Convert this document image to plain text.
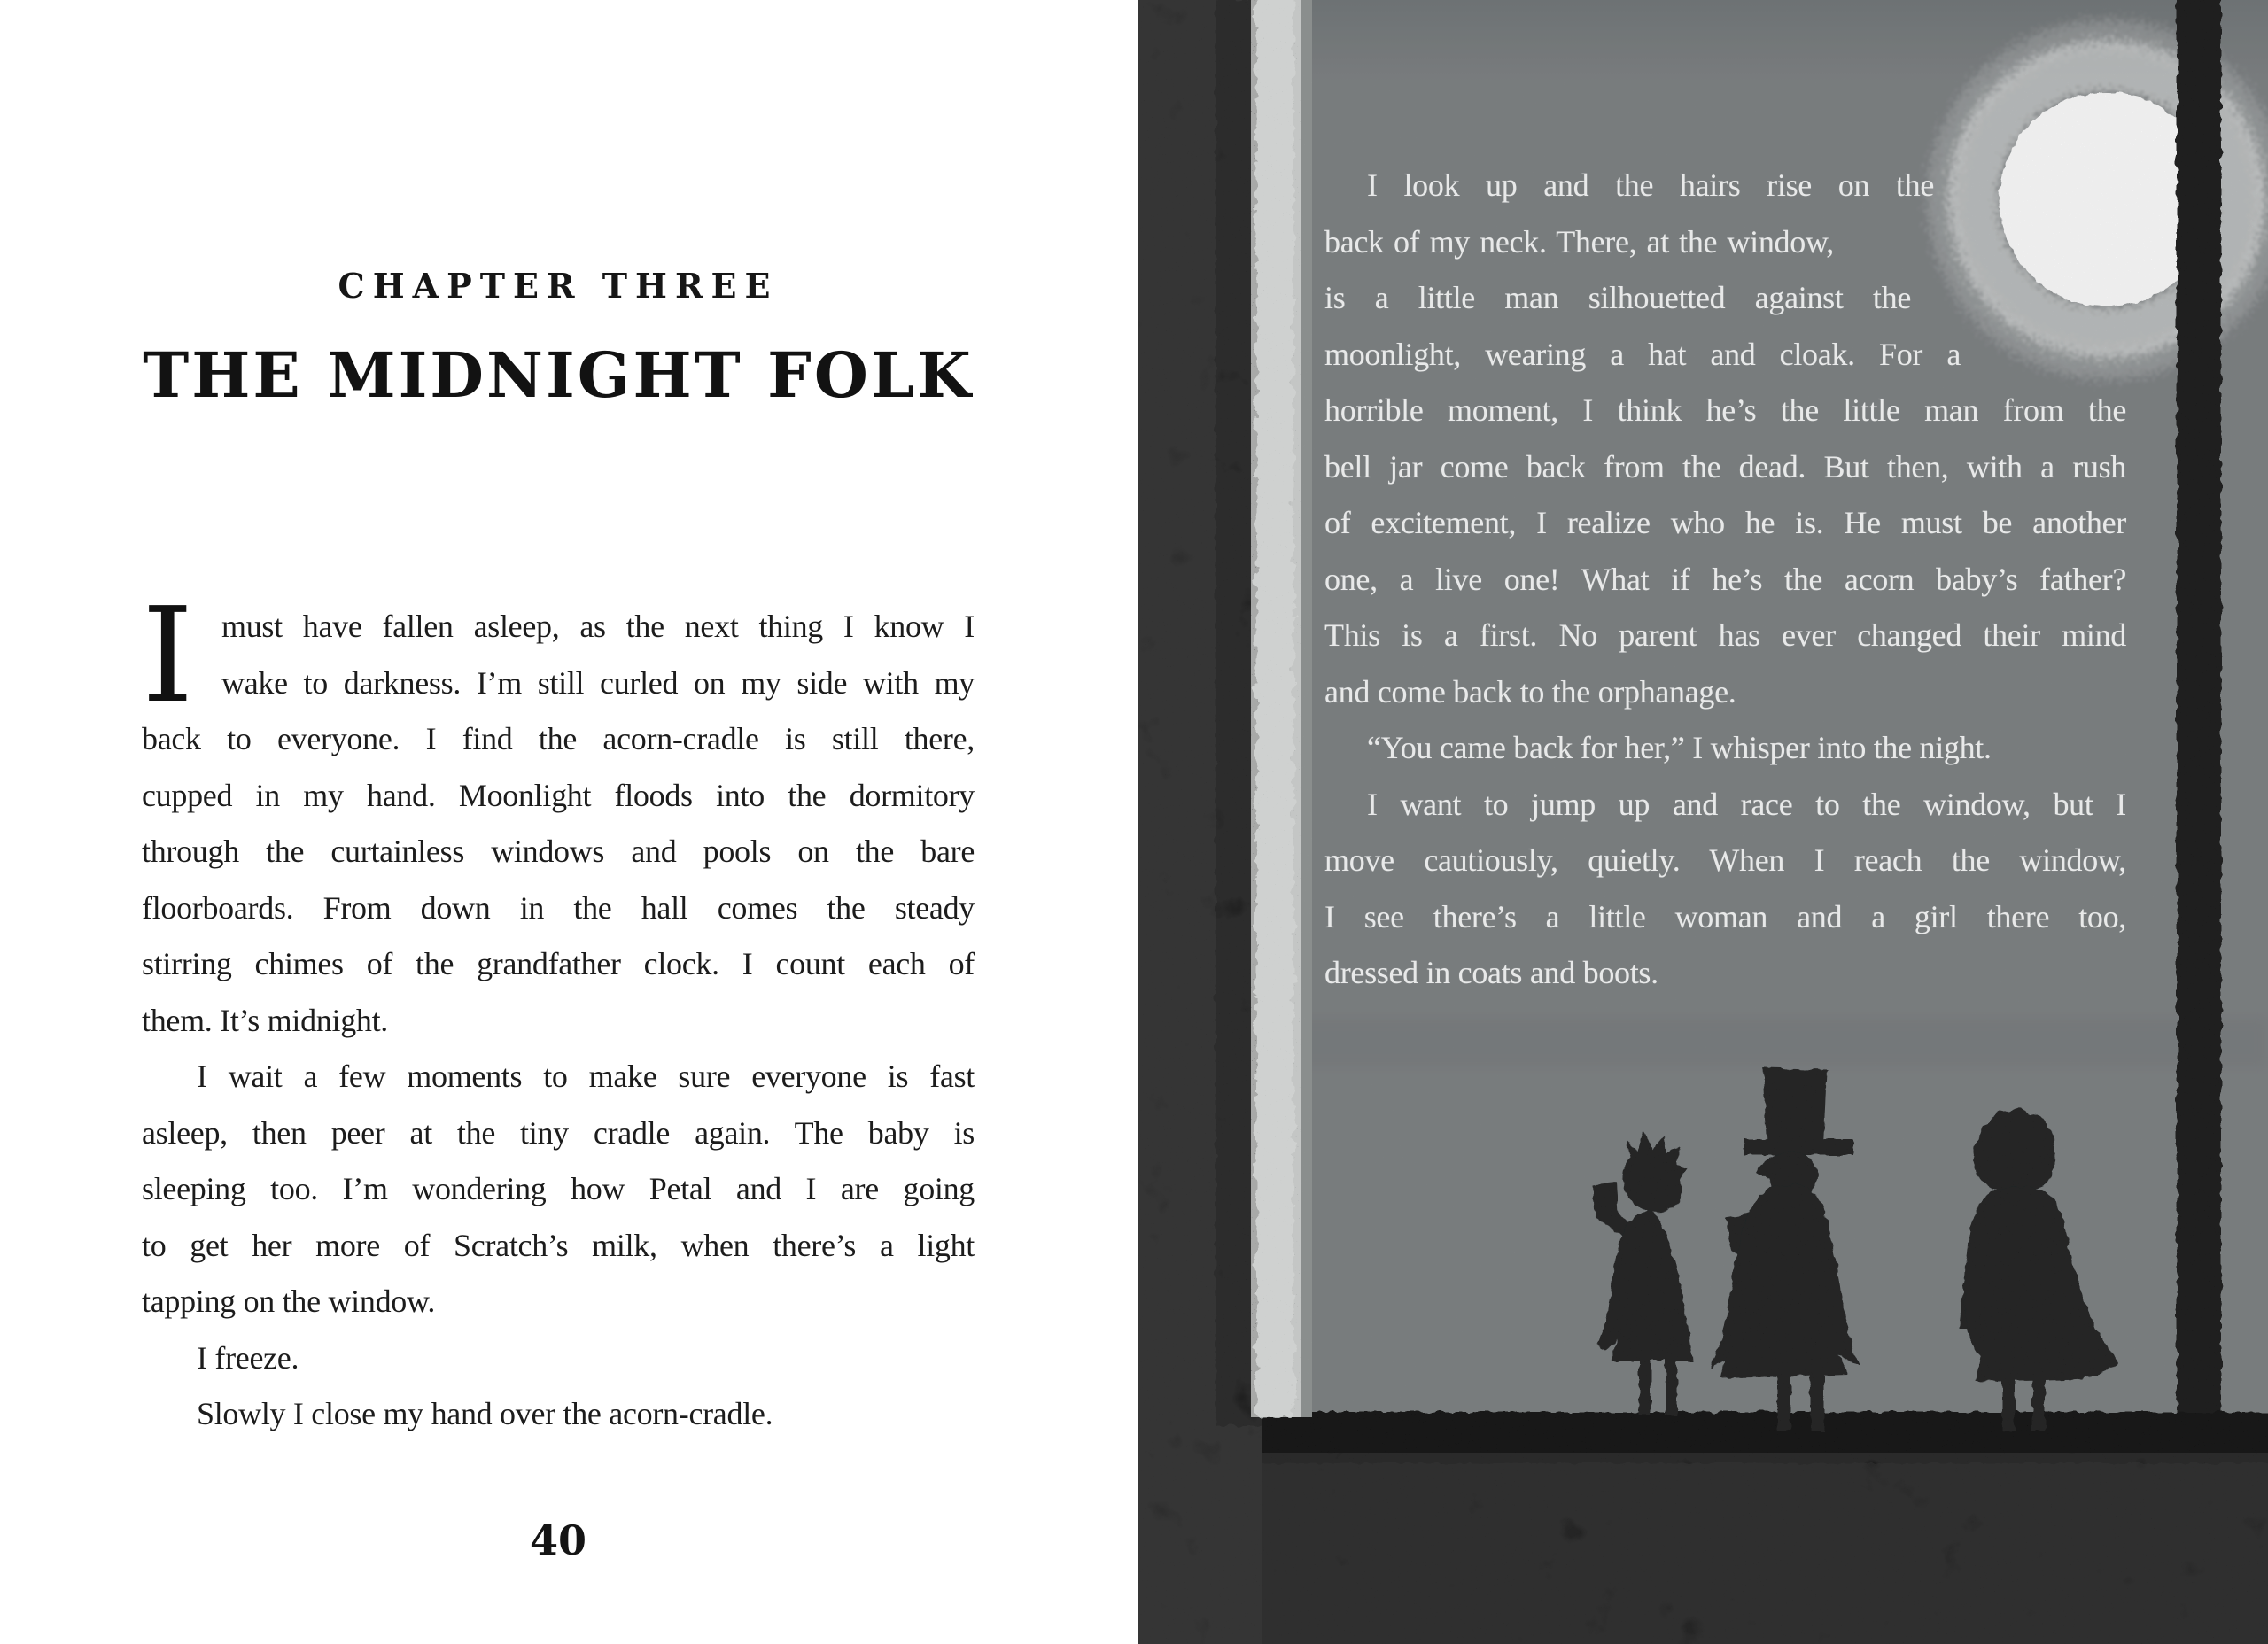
CHAPTER THREE
THE MIDNIGHT FOLK
I must have fallen asleep, as the next thing I know I
wake to darkness. I’m still curled on my side with my
back to everyone. I find the acorn-cradle is still there,
cupped in my hand. Moonlight floods into the dormitory
through the curtainless windows and pools on the bare
floorboards. From down in the hall comes the steady
stirring chimes of the grandfather clock. I count each of
them. It’s midnight.
I wait a few moments to make sure everyone is fast
asleep, then peer at the tiny cradle again. The baby is
sleeping too. I’m wondering how Petal and I are going
to get her more of Scratch’s milk, when there’s a light
tapping on the window.
I freeze.
Slowly I close my hand over the acorn-cradle.
40
I look up and the hairs rise on the
back of my neck. There, at the window,
is a little man silhouetted against the
moonlight, wearing a hat and cloak. For a
horrible moment, I think he’s the little man from the
bell jar come back from the dead. But then, with a rush
of excitement, I realize who he is. He must be another
one, a live one! What if he’s the acorn baby’s father?
This is a first. No parent has ever changed their mind
and come back to the orphanage.
“You came back for her,” I whisper into the night.
I want to jump up and race to the window, but I
move cautiously, quietly. When I reach the window,
I see there’s a little woman and a girl there too,
dressed in coats and boots.
